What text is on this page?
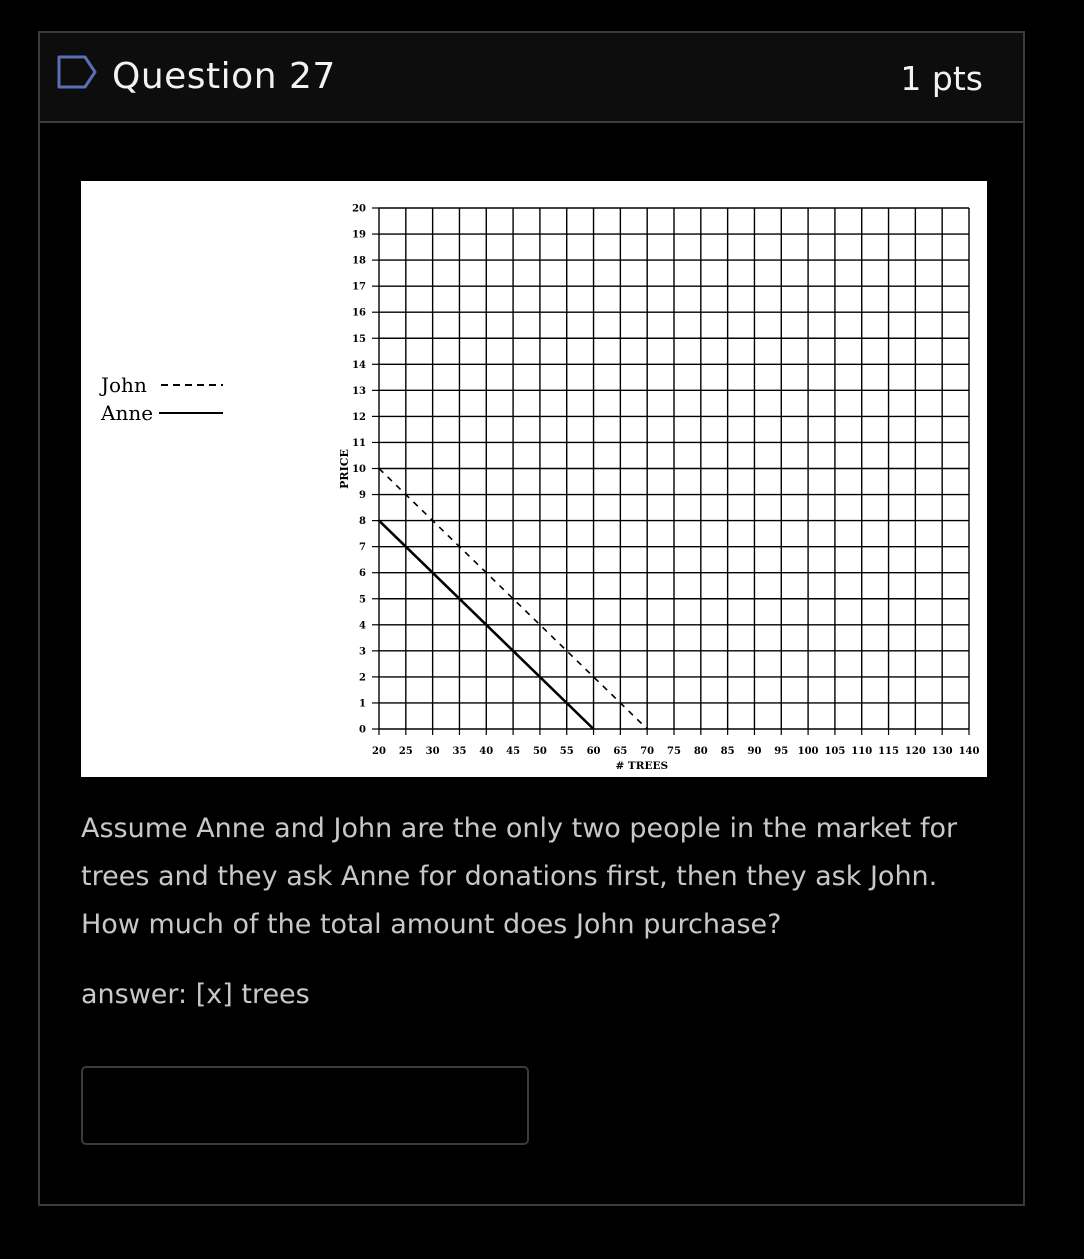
Question 27	1 pts
0
1
2
3
4
5
6
7
8
9
10
11
12
13
14
15
16
17
18
19
20
20 25 30 35 40 45 50 55 60 65 70 75 80 85 90 95 100 105 110 115 120 130 140
# TREES
PRICE
John
Anne

Assume Anne and John are the only two people in the market for trees and they ask Anne for donations first, then they ask John. How much of the total amount does John purchase?

answer: [x] trees
